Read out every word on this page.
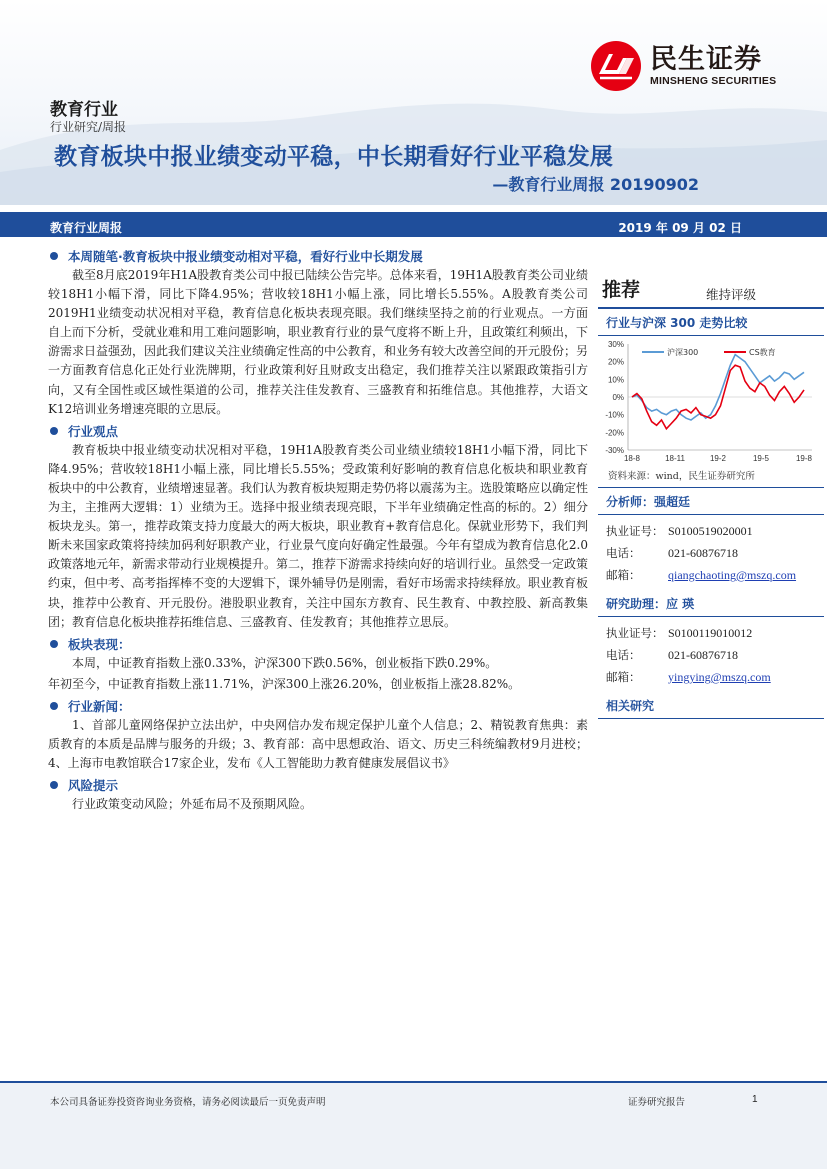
民生证券
MINSHENG SECURITIES
教育行业
行业研究/周报
教育板块中报业绩变动平稳，中长期看好行业平稳发展
—教育行业周报 20190902
教育行业周报	2019 年 09 月 02 日
本周随笔·教育板块中报业绩变动相对平稳，看好行业中长期发展
截至8月底2019年H1A股教育类公司中报已陆续公告完毕。总体来看，19H1A股教育类公司业绩较18H1小幅下滑，同比下降4.95%；营收较18H1小幅上涨，同比增长5.55%。A股教育类公司2019H1业绩变动状况相对平稳，教育信息化板块表现亮眼。我们继续坚持之前的行业观点。一方面自上而下分析，受就业难和用工难问题影响，职业教育行业的景气度将不断上升，且政策红利频出，下游需求日益强劲，因此我们建议关注业绩确定性高的中公教育，和业务有较大改善空间的开元股份；另一方面教育信息化正处行业洗牌期，行业政策利好且财政支出稳定，我们推荐关注以紧跟政策指引方向，又有全国性或区域性渠道的公司，推荐关注佳发教育、三盛教育和拓维信息。其他推荐，大语文K12培训业务增速亮眼的立思辰。
行业观点
教育板块中报业绩变动状况相对平稳，19H1A股教育类公司业绩业绩较18H1小幅下滑，同比下降4.95%；营收较18H1小幅上涨，同比增长5.55%；受政策利好影响的教育信息化板块和职业教育板块中的中公教育，业绩增速显著。我们认为教育板块短期走势仍将以震荡为主。选股策略应以确定性为主，主推两大逻辑：1）业绩为王。选择中报业绩表现亮眼，下半年业绩确定性高的标的。2）细分板块龙头。第一，推荐政策支持力度最大的两大板块，职业教育+教育信息化。保就业形势下，我们判断未来国家政策将持续加码利好职教产业，行业景气度向好确定性最强。今年有望成为教育信息化2.0政策落地元年，新需求带动行业规模提升。第二，推荐下游需求持续向好的培训行业。虽然受一定政策约束，但中考、高考指挥棒不变的大逻辑下，课外辅导仍是刚需，看好市场需求持续释放。职业教育板块，推荐中公教育、开元股份。港股职业教育，关注中国东方教育、民生教育、中教控股、新高教集团；教育信息化板块推荐拓维信息、三盛教育、佳发教育；其他推荐立思辰。
板块表现：
本周，中证教育指数上涨0.33%，沪深300下跌0.56%，创业板指下跌0.29%。
年初至今，中证教育指数上涨11.71%，沪深300上涨26.20%，创业板指上涨28.82%。
行业新闻：
1、首部儿童网络保护立法出炉，中央网信办发布规定保护儿童个人信息；2、精锐教育焦典：素质教育的本质是品牌与服务的升级；3、教育部：高中思想政治、语文、历史三科统编教材9月进校；4、上海市电教馆联合17家企业，发布《人工智能助力教育健康发展倡议书》
风险提示
行业政策变动风险；外延布局不及预期风险。
推荐	维持评级
行业与沪深 300 走势比较
30%
20%
10%
0%
-10%
-20%
-30%
18-8	18-11	19-2	19-5	19-8
沪深300	CS教育
资料来源：wind，民生证券研究所
分析师：强超廷
执业证号： S0100519020001
电话：	021-60876718
邮箱：	qiangchaoting@mszq.com
研究助理：应 瑛
执业证号： S0100119010012
电话：	021-60876718
邮箱：	yingying@mszq.com
相关研究
本公司具备证券投资咨询业务资格，请务必阅读最后一页免责声明	证券研究报告	1
